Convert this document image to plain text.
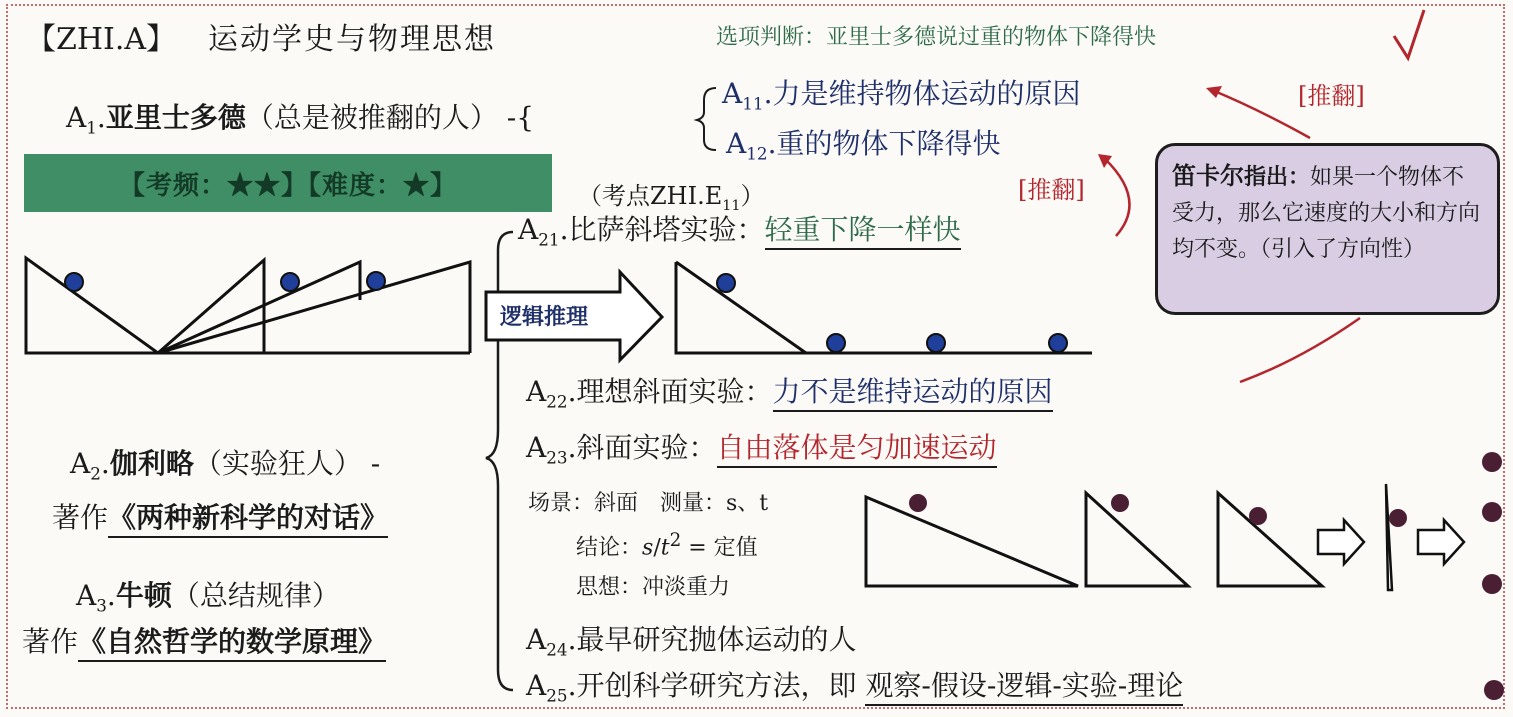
【ZHI.A】 运动学史与物理思想	选项判断：亚里士多德说过重的物体下降得快
$A_1$.亚里士多德（总是被推翻的人） -{
$A_{11}$.力是维持物体运动的原因
$A_{12}$.重的物体下降得快
【考频：★★】【难度：★】	（考点$ZHI.E_{11}$）	[推翻]
[推翻]
笛卡尔指出：如果一个物体不受力，那么它速度的大小和方向均不变。（引入了方向性）
$A_{21}$.比萨斜塔实验：轻重下降一样快
逻辑推理
$A_{22}$.理想斜面实验：力不是维持运动的原因
$A_{23}$.斜面实验：自由落体是匀加速运动
场景：斜面　测量：s、t
结论：$s/t^2$ = 定值
思想：冲淡重力
$A_{24}$.最早研究抛体运动的人
$A_{25}$.开创科学研究方法，即 观察-假设-逻辑-实验-理论
$A_2$.伽利略（实验狂人） -
著作《两种新科学的对话》
$A_3$.牛顿（总结规律）
著作《自然哲学的数学原理》
